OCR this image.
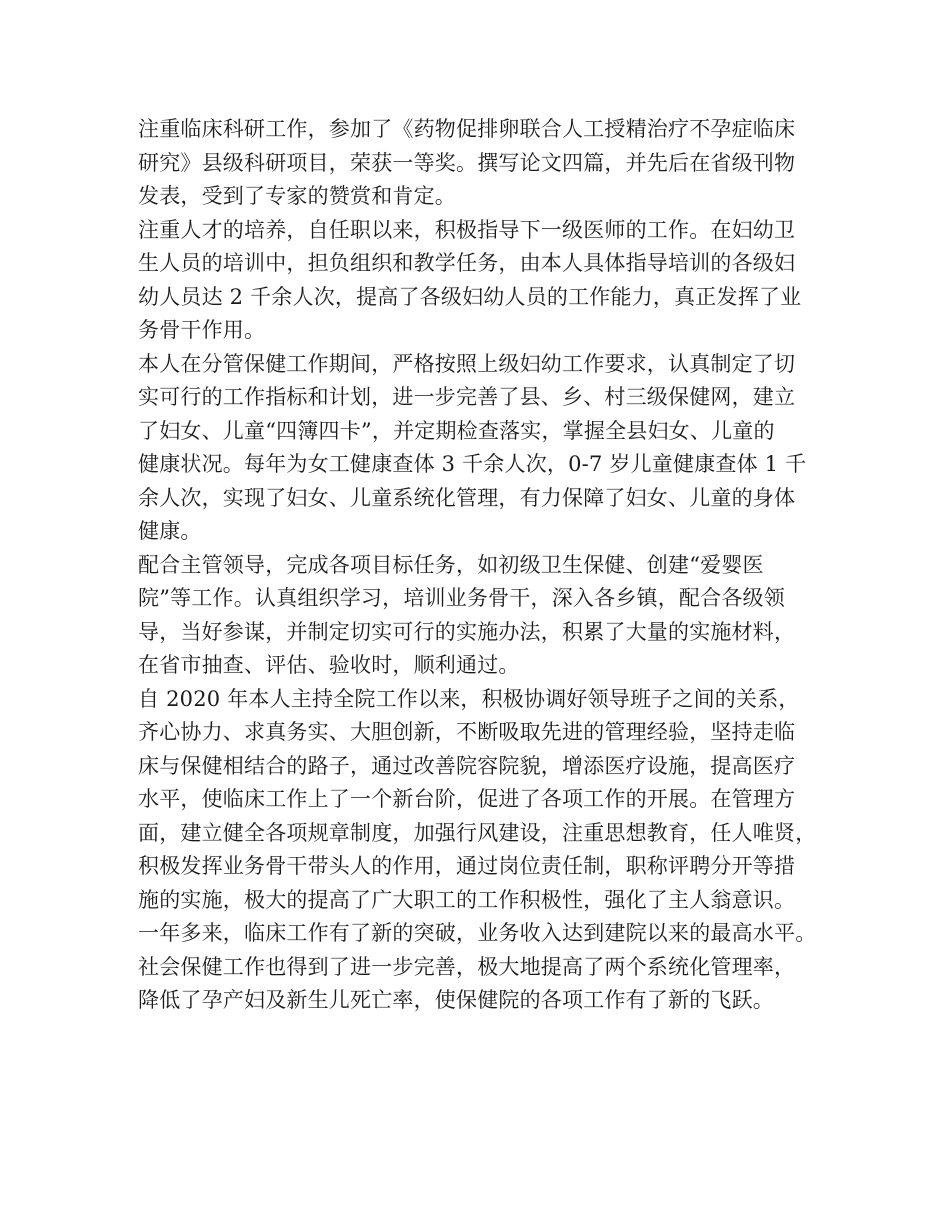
注重临床科研工作，参加了《药物促排卵联合人工授精治疗不孕症临床
研究》县级科研项目，荣获一等奖。撰写论文四篇，并先后在省级刊物
发表，受到了专家的赞赏和肯定。
注重人才的培养，自任职以来，积极指导下一级医师的工作。在妇幼卫
生人员的培训中，担负组织和教学任务，由本人具体指导培训的各级妇
幼人员达 2 千余人次，提高了各级妇幼人员的工作能力，真正发挥了业
务骨干作用。
本人在分管保健工作期间，严格按照上级妇幼工作要求，认真制定了切
实可行的工作指标和计划，进一步完善了县、乡、村三级保健网，建立
了妇女、儿童“四簿四卡”，并定期检查落实，掌握全县妇女、儿童的
健康状况。每年为女工健康查体 3 千余人次，0-7 岁儿童健康查体 1 千
余人次，实现了妇女、儿童系统化管理，有力保障了妇女、儿童的身体
健康。
配合主管领导，完成各项目标任务，如初级卫生保健、创建“爱婴医
院”等工作。认真组织学习，培训业务骨干，深入各乡镇，配合各级领
导，当好参谋，并制定切实可行的实施办法，积累了大量的实施材料，
在省市抽查、评估、验收时，顺利通过。
自 2020 年本人主持全院工作以来，积极协调好领导班子之间的关系，
齐心协力、求真务实、大胆创新，不断吸取先进的管理经验，坚持走临
床与保健相结合的路子，通过改善院容院貌，增添医疗设施，提高医疗
水平，使临床工作上了一个新台阶，促进了各项工作的开展。在管理方
面，建立健全各项规章制度，加强行风建设，注重思想教育，任人唯贤，
积极发挥业务骨干带头人的作用，通过岗位责任制，职称评聘分开等措
施的实施，极大的提高了广大职工的工作积极性，强化了主人翁意识。
一年多来，临床工作有了新的突破，业务收入达到建院以来的最高水平。
社会保健工作也得到了进一步完善，极大地提高了两个系统化管理率，
降低了孕产妇及新生儿死亡率，使保健院的各项工作有了新的飞跃。
